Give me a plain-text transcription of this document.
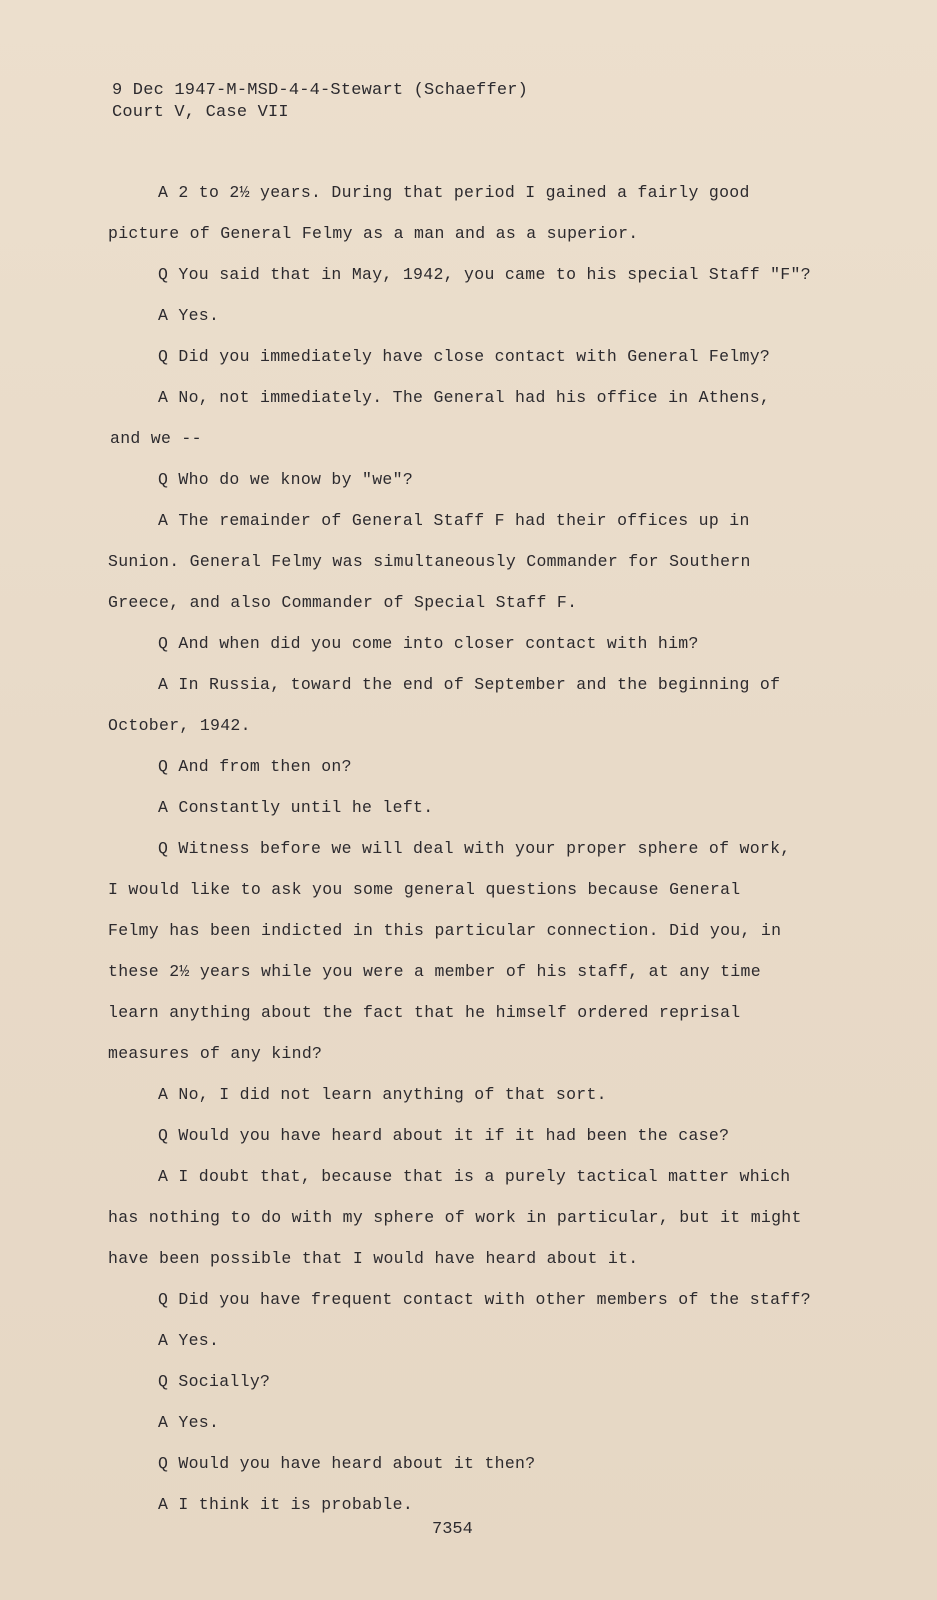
9 Dec 1947-M-MSD-4-4-Stewart (Schaeffer)
Court V, Case VII
A 2 to 2½ years. During that period I gained a fairly good
picture of General Felmy as a man and as a superior.
Q You said that in May, 1942, you came to his special Staff "F"?
A Yes.
Q Did you immediately have close contact with General Felmy?
A No, not immediately. The General had his office in Athens,
and we --
Q Who do we know by "we"?
A The remainder of General Staff F had their offices up in
Sunion. General Felmy was simultaneously Commander for Southern
Greece, and also Commander of Special Staff F.
Q And when did you come into closer contact with him?
A In Russia, toward the end of September and the beginning of
October, 1942.
Q And from then on?
A Constantly until he left.
Q Witness before we will deal with your proper sphere of work,
I would like to ask you some general questions because General
Felmy has been indicted in this particular connection. Did you, in
these 2½ years while you were a member of his staff, at any time
learn anything about the fact that he himself ordered reprisal
measures of any kind?
A No, I did not learn anything of that sort.
Q Would you have heard about it if it had been the case?
A I doubt that, because that is a purely tactical matter which
has nothing to do with my sphere of work in particular, but it might
have been possible that I would have heard about it.
Q Did you have frequent contact with other members of the staff?
A Yes.
Q Socially?
A Yes.
Q Would you have heard about it then?
A I think it is probable.
7354
